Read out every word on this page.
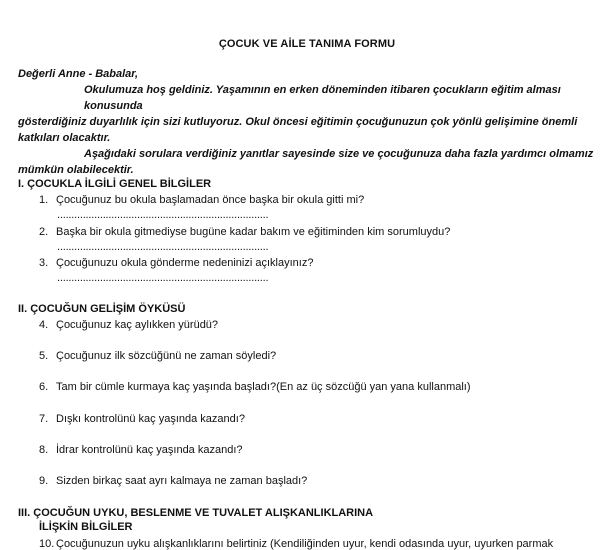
ÇOCUK VE AİLE TANIMA FORMU
Değerli Anne - Babalar,
Okulumuza hoş geldiniz. Yaşamının en erken döneminden itibaren çocukların eğitim alması konusunda
gösterdiğiniz duyarlılık için sizi kutluyoruz. Okul öncesi eğitimin çocuğunuzun çok yönlü gelişimine önemli
katkıları olacaktır.
Aşağıdaki sorulara verdiğiniz yanıtlar sayesinde size ve çocuğunuza daha fazla yardımcı olmamız
mümkün olabilecektir.
I. ÇOCUKLA İLGİLİ GENEL BİLGİLER
1. Çocuğunuz bu okula başlamadan önce başka bir okula gitti mi?
..........................................................................
2. Başka bir okula gitmediyse bugüne kadar bakım ve eğitiminden kim sorumluydu?
..........................................................................
3. Çocuğunuzu okula gönderme nedeninizi açıklayınız?
..........................................................................
II. ÇOCUĞUN GELİŞİM ÖYKÜSÜ
4. Çocuğunuz kaç aylıkken yürüdü?
5. Çocuğunuz ilk sözcüğünü ne zaman söyledi?
6. Tam bir cümle kurmaya kaç yaşında başladı?(En az üç sözcüğü yan yana kullanmalı)
7. Dışkı kontrolünü kaç yaşında kazandı?
8. İdrar kontrolünü kaç yaşında kazandı?
9. Sizden birkaç saat ayrı kalmaya ne zaman başladı?
III. ÇOCUĞUN UYKU, BESLENME VE TUVALET ALIŞKANLIKLARINA
İLİŞKİN BİLGİLER
10. Çocuğunuzun uyku alışkanlıklarını belirtiniz (Kendiliğinden uyur, kendi odasında uyur, uyurken parmak
